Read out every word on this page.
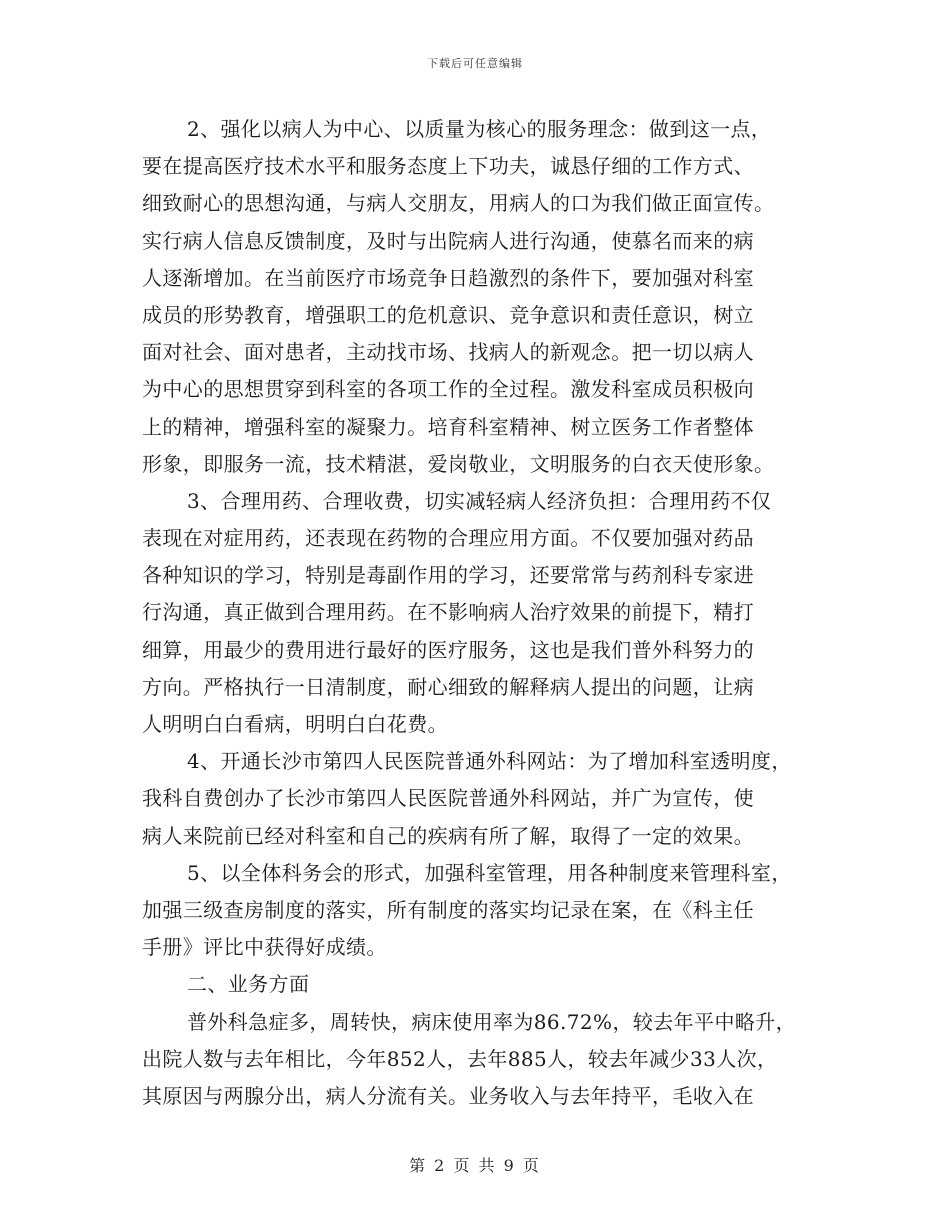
下载后可任意编辑
2、强化以病人为中心、以质量为核心的服务理念：做到这一点，
要在提高医疗技术水平和服务态度上下功夫，诚恳仔细的工作方式、
细致耐心的思想沟通，与病人交朋友，用病人的口为我们做正面宣传。
实行病人信息反馈制度，及时与出院病人进行沟通，使慕名而来的病
人逐渐增加。在当前医疗市场竞争日趋激烈的条件下，要加强对科室
成员的形势教育，增强职工的危机意识、竞争意识和责任意识，树立
面对社会、面对患者，主动找市场、找病人的新观念。把一切以病人
为中心的思想贯穿到科室的各项工作的全过程。激发科室成员积极向
上的精神，增强科室的凝聚力。培育科室精神、树立医务工作者整体
形象，即服务一流，技术精湛，爱岗敬业，文明服务的白衣天使形象。
3、合理用药、合理收费，切实减轻病人经济负担：合理用药不仅
表现在对症用药，还表现在药物的合理应用方面。不仅要加强对药品
各种知识的学习，特别是毒副作用的学习，还要常常与药剂科专家进
行沟通，真正做到合理用药。在不影响病人治疗效果的前提下，精打
细算，用最少的费用进行最好的医疗服务，这也是我们普外科努力的
方向。严格执行一日清制度，耐心细致的解释病人提出的问题，让病
人明明白白看病，明明白白花费。
4、开通长沙市第四人民医院普通外科网站：为了增加科室透明度，
我科自费创办了长沙市第四人民医院普通外科网站，并广为宣传，使
病人来院前已经对科室和自己的疾病有所了解，取得了一定的效果。
5、以全体科务会的形式，加强科室管理，用各种制度来管理科室，
加强三级查房制度的落实，所有制度的落实均记录在案，在《科主任
手册》评比中获得好成绩。
二、业务方面
普外科急症多，周转快，病床使用率为86.72%，较去年平中略升，
出院人数与去年相比，今年852人，去年885人，较去年减少33人次，
其原因与两腺分出，病人分流有关。业务收入与去年持平，毛收入在
第 2 页 共 9 页
